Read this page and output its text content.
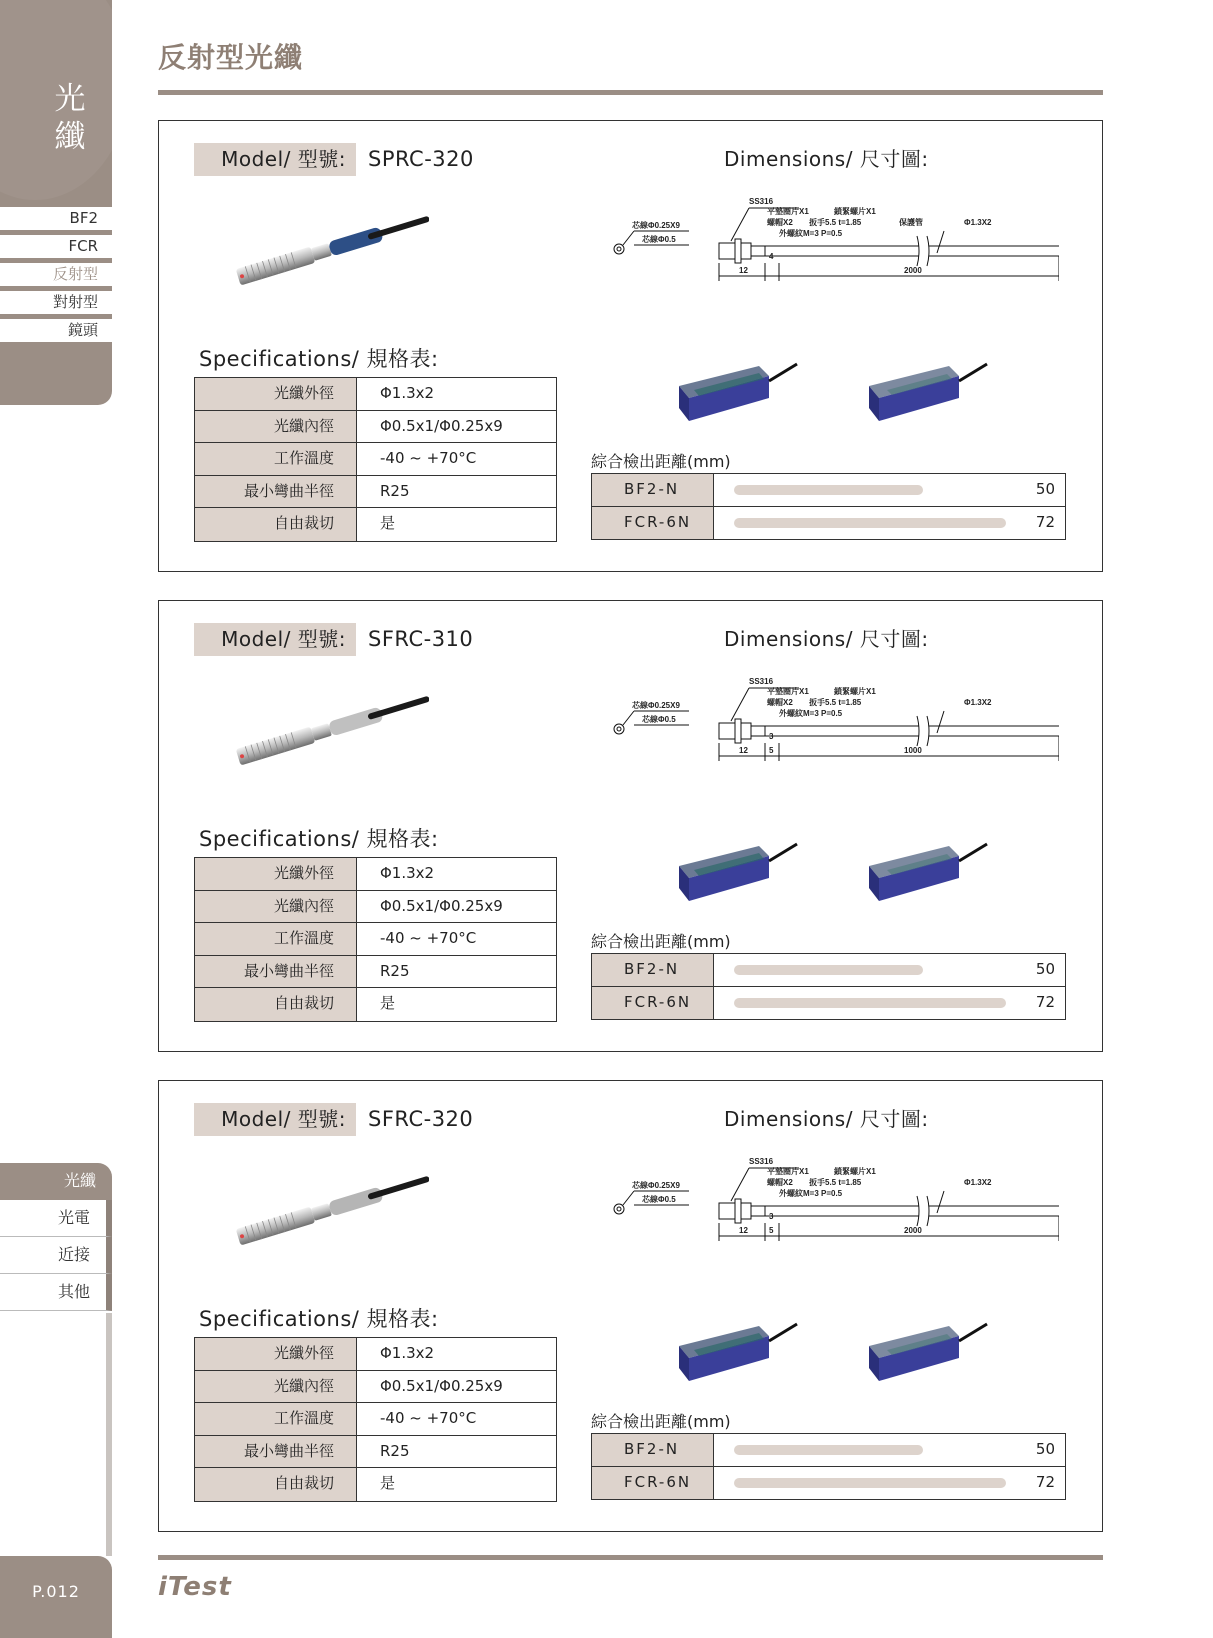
光
纖
BF2
FCR
反射型
對射型
鏡頭
光纖
光電
近接
其他
P.012
反射型光纖
Model/ 型號:	SPRC-320	Dimensions/ 尺寸圖:
SS316
平墊圈片X1	鎖緊螺片X1
螺帽X2 扳手5.5 t=1.85
外螺紋M=3 P=0.5
保護管	Φ1.3X2
芯線Φ0.25X9
芯線Φ0.5
12	2000
4
Specifications/ 規格表:
光纖外徑	Φ1.3x2
光纖內徑	Φ0.5x1/Φ0.25x9
工作溫度	-40 ~ +70°C
最小彎曲半徑	R25
自由裁切	是
綜合檢出距離(mm)
BF2-N	50
FCR-6N	72
Model/ 型號:	SFRC-310	Dimensions/ 尺寸圖:
SS316
平墊圈片X1	鎖緊螺片X1
螺帽X2 扳手5.5 t=1.85
外螺紋M=3 P=0.5
Φ1.3X2
芯線Φ0.25X9
芯線Φ0.5
12	5	1000
3
Specifications/ 規格表:
光纖外徑	Φ1.3x2
光纖內徑	Φ0.5x1/Φ0.25x9
工作溫度	-40 ~ +70°C
最小彎曲半徑	R25
自由裁切	是
綜合檢出距離(mm)
BF2-N	50
FCR-6N	72
Model/ 型號:	SFRC-320	Dimensions/ 尺寸圖:
SS316
平墊圈片X1	鎖緊螺片X1
螺帽X2 扳手5.5 t=1.85
外螺紋M=3 P=0.5
Φ1.3X2
芯線Φ0.25X9
芯線Φ0.5
12	5	2000
3
Specifications/ 規格表:
光纖外徑	Φ1.3x2
光纖內徑	Φ0.5x1/Φ0.25x9
工作溫度	-40 ~ +70°C
最小彎曲半徑	R25
自由裁切	是
綜合檢出距離(mm)
BF2-N	50
FCR-6N	72
iTest
